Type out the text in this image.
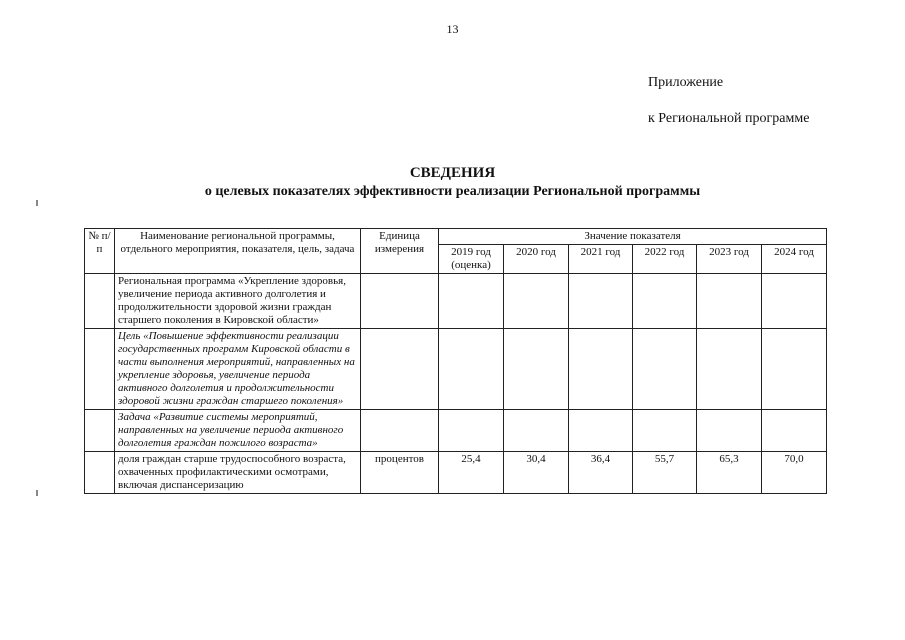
13
Приложение
к Региональной программе
СВЕДЕНИЯ
о целевых показателях эффективности реализации Региональной программы
№ п/п	Наименование региональной программы, отдельного мероприятия, показателя, цель, задача	Единица измерения	Значение показателя					
			2019 год (оценка)	2020 год	2021 год	2022 год	2023 год	2024 год
	Региональная программа «Укрепление здоровья, увеличение периода активного долголетия и продолжительности здоровой жизни граждан старшего поколения в Кировской области»							
	Цель «Повышение эффективности реализации государственных программ Кировской области в части выполнения мероприятий, направленных на укрепление здоровья, увеличение периода активного долголетия и продолжительности здоровой жизни граждан старшего поколения»							
	Задача «Развитие системы мероприятий, направленных на увеличение периода активного долголетия граждан пожилого возраста»							
	доля граждан старше трудоспособного возраста, охваченных профилактическими осмотрами, включая диспансеризацию	процентов	25,4	30,4	36,4	55,7	65,3	70,0
